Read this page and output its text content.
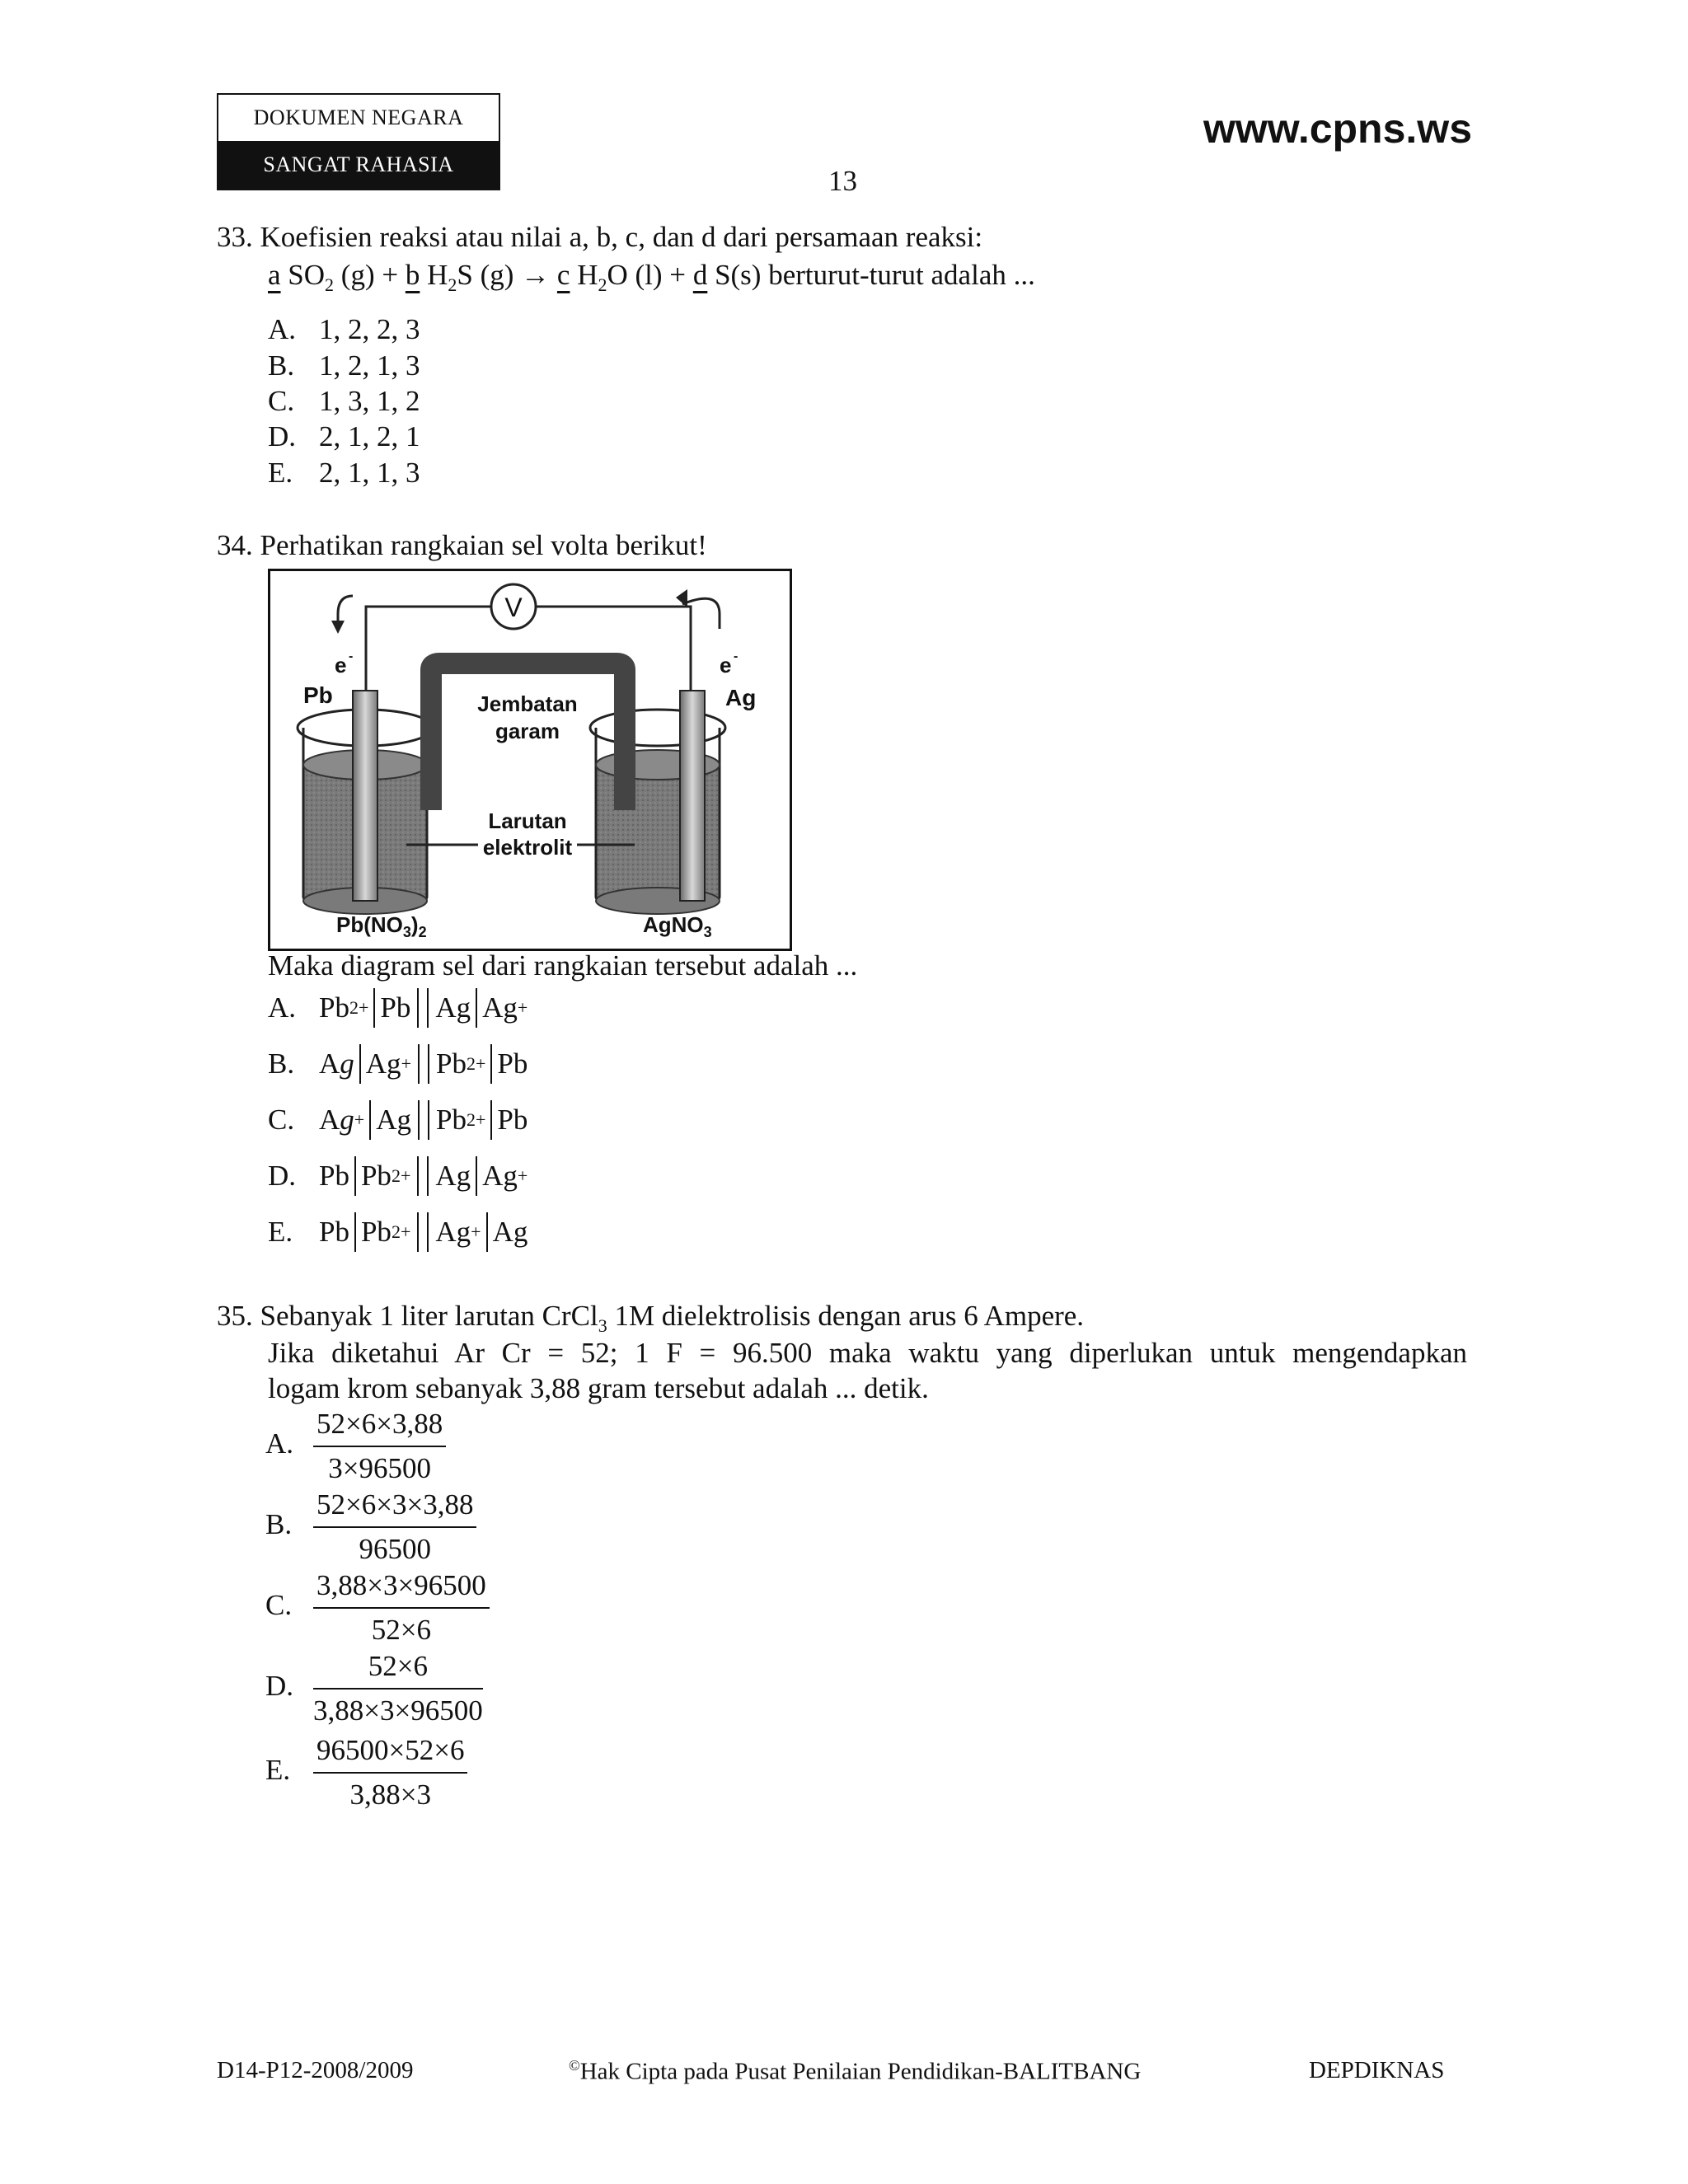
DOKUMEN NEGARA
SANGAT RAHASIA
www.cpns.ws
13
33. Koefisien reaksi atau nilai a, b, c, dan d dari persamaan reaksi:
a $SO_2$ (g) + b $H_2S$ (g) → c $H_2O$ (l) + d S(s) berturut-turut adalah ...
A. 1, 2, 2, 3
B. 1, 2, 1, 3
C. 1, 3, 1, 2
D. 2, 1, 2, 1
E. 2, 1, 1, 3
34. Perhatikan rangkaian sel volta berikut!
V
e -	e -
Pb	Ag
Jembatan
garam
Larutan
elektrolit
$Pb(NO_3)_2$	AgNO$_3$
Maka diagram sel dari rangkaian tersebut adalah ...
A. Pb 2+ Pb Ag Ag +
B. A g Ag + Pb 2+ Pb
C. A g + Ag Pb 2+ Pb
D. Pb Pb 2+ Ag Ag +
E. Pb Pb 2+ Ag + Ag
35. Sebanyak 1 liter larutan CrCl$_3$ 1M dielektrolisis dengan arus 6 Ampere.
Jika diketahui Ar Cr = 52; 1 F = 96.500 maka waktu yang diperlukan untuk mengendapkan
logam krom sebanyak 3,88 gram tersebut adalah ... detik.
A. $\frac{52\times 6\times 3,88}{3\times 96500}$
B. $\frac{52\times 6\times 3\times 3,88}{96500}$
C. $\frac{3,88\times 3\times 96500}{52\times 6}$
D. $\frac{52\times 6}{3,88\times 3\times 96500}$
E. $\frac{96500\times 52\times 6}{3,88\times 3}$
D14-P12-2008/2009	©Hak Cipta pada Pusat Penilaian Pendidikan-BALITBANG	DEPDIKNAS
